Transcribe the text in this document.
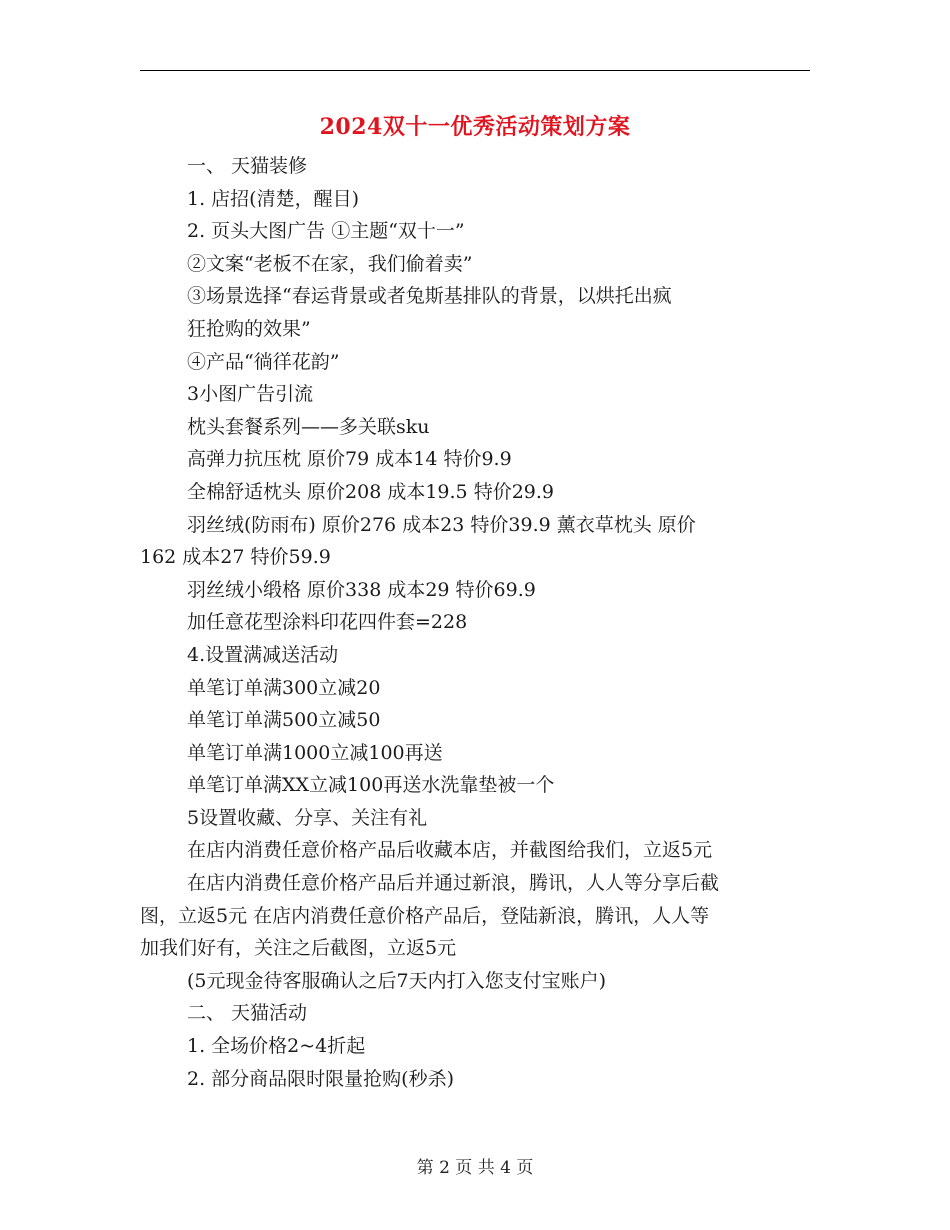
2024双十一优秀活动策划方案
一、 天猫装修
1. 店招(清楚，醒目)
2. 页头大图广告 ①主题“双十一”
②文案“老板不在家，我们偷着卖”
③场景选择“春运背景或者兔斯基排队的背景，以烘托出疯
狂抢购的效果”
④产品“徜徉花韵”
3小图广告引流
枕头套餐系列——多关联sku
高弹力抗压枕 原价79 成本14 特价9.9
全棉舒适枕头 原价208 成本19.5 特价29.9
羽丝绒(防雨布) 原价276 成本23 特价39.9 薰衣草枕头 原价
162 成本27 特价59.9
羽丝绒小缎格 原价338 成本29 特价69.9
加任意花型涂料印花四件套=228
4.设置满减送活动
单笔订单满300立减20
单笔订单满500立减50
单笔订单满1000立减100再送
单笔订单满XX立减100再送水洗靠垫被一个
5设置收藏、分享、关注有礼
在店内消费任意价格产品后收藏本店，并截图给我们，立返5元
在店内消费任意价格产品后并通过新浪，腾讯，人人等分享后截
图，立返5元 在店内消费任意价格产品后，登陆新浪，腾讯，人人等
加我们好有，关注之后截图，立返5元
(5元现金待客服确认之后7天内打入您支付宝账户)
二、 天猫活动
1. 全场价格2~4折起
2. 部分商品限时限量抢购(秒杀)
第 2 页 共 4 页
